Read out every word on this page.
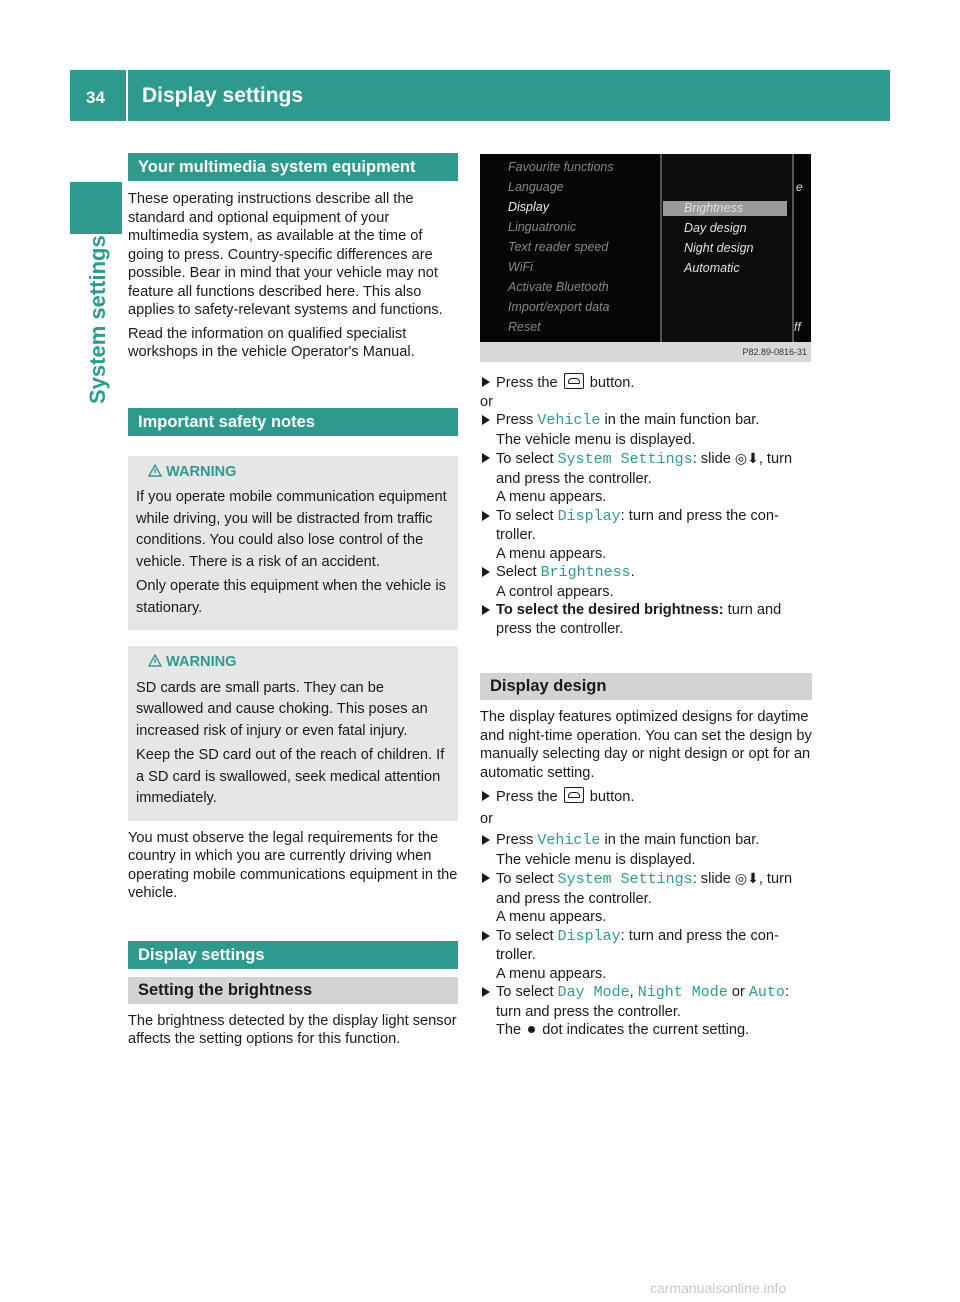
34 Display settings
System settings
Your multimedia system equipment

These operating instructions describe all the standard and optional equipment of your multimedia system, as available at the time of going to press. Country-specific differences are possible. Bear in mind that your vehicle may not feature all functions described here. This also applies to safety-relevant systems and functions.

Read the information on qualified specialist workshops in the vehicle Operator's Manual.

Important safety notes
WARNING

If you operate mobile communication equipment while driving, you will be distracted from traffic conditions. You could also lose control of the vehicle. There is a risk of an accident.

Only operate this equipment when the vehicle is stationary.

WARNING

SD cards are small parts. They can be swallowed and cause choking. This poses an increased risk of injury or even fatal injury.

Keep the SD card out of the reach of children. If a SD card is swallowed, seek medical attention immediately.

You must observe the legal requirements for the country in which you are currently driving when operating mobile communications equipment in the vehicle.

Display settings
Setting the brightness

The brightness detected by the display light sensor affects the setting options for this function.

Favourite functions
Language
Display
Linguatronic
Text reader speed
WiFi
Activate Bluetooth
Import/export data
Reset
Brightness
Day design
Night design
Automatic
e
ff
P82.89-0816-31
Press the button.

or

Press Vehicle in the main function bar.
The vehicle menu is displayed.
To select System Settings: slide ◎⬇, turn
and press the controller.
A menu appears.
To select Display: turn and press the con-
troller.
A menu appears.
Select Brightness.
A control appears.
To select the desired brightness: turn and press the controller.
Display design

The display features optimized designs for daytime and night-time operation. You can set the design by manually selecting day or night design or opt for an automatic setting.

Press the button.

or

Press Vehicle in the main function bar.
The vehicle menu is displayed.
To select System Settings: slide ◎⬇, turn
and press the controller.
A menu appears.
To select Display: turn and press the con-
troller.
A menu appears.
To select Day Mode, Night Mode or Auto:
turn and press the controller.
The dot indicates the current setting.
carmanualsonline.info
